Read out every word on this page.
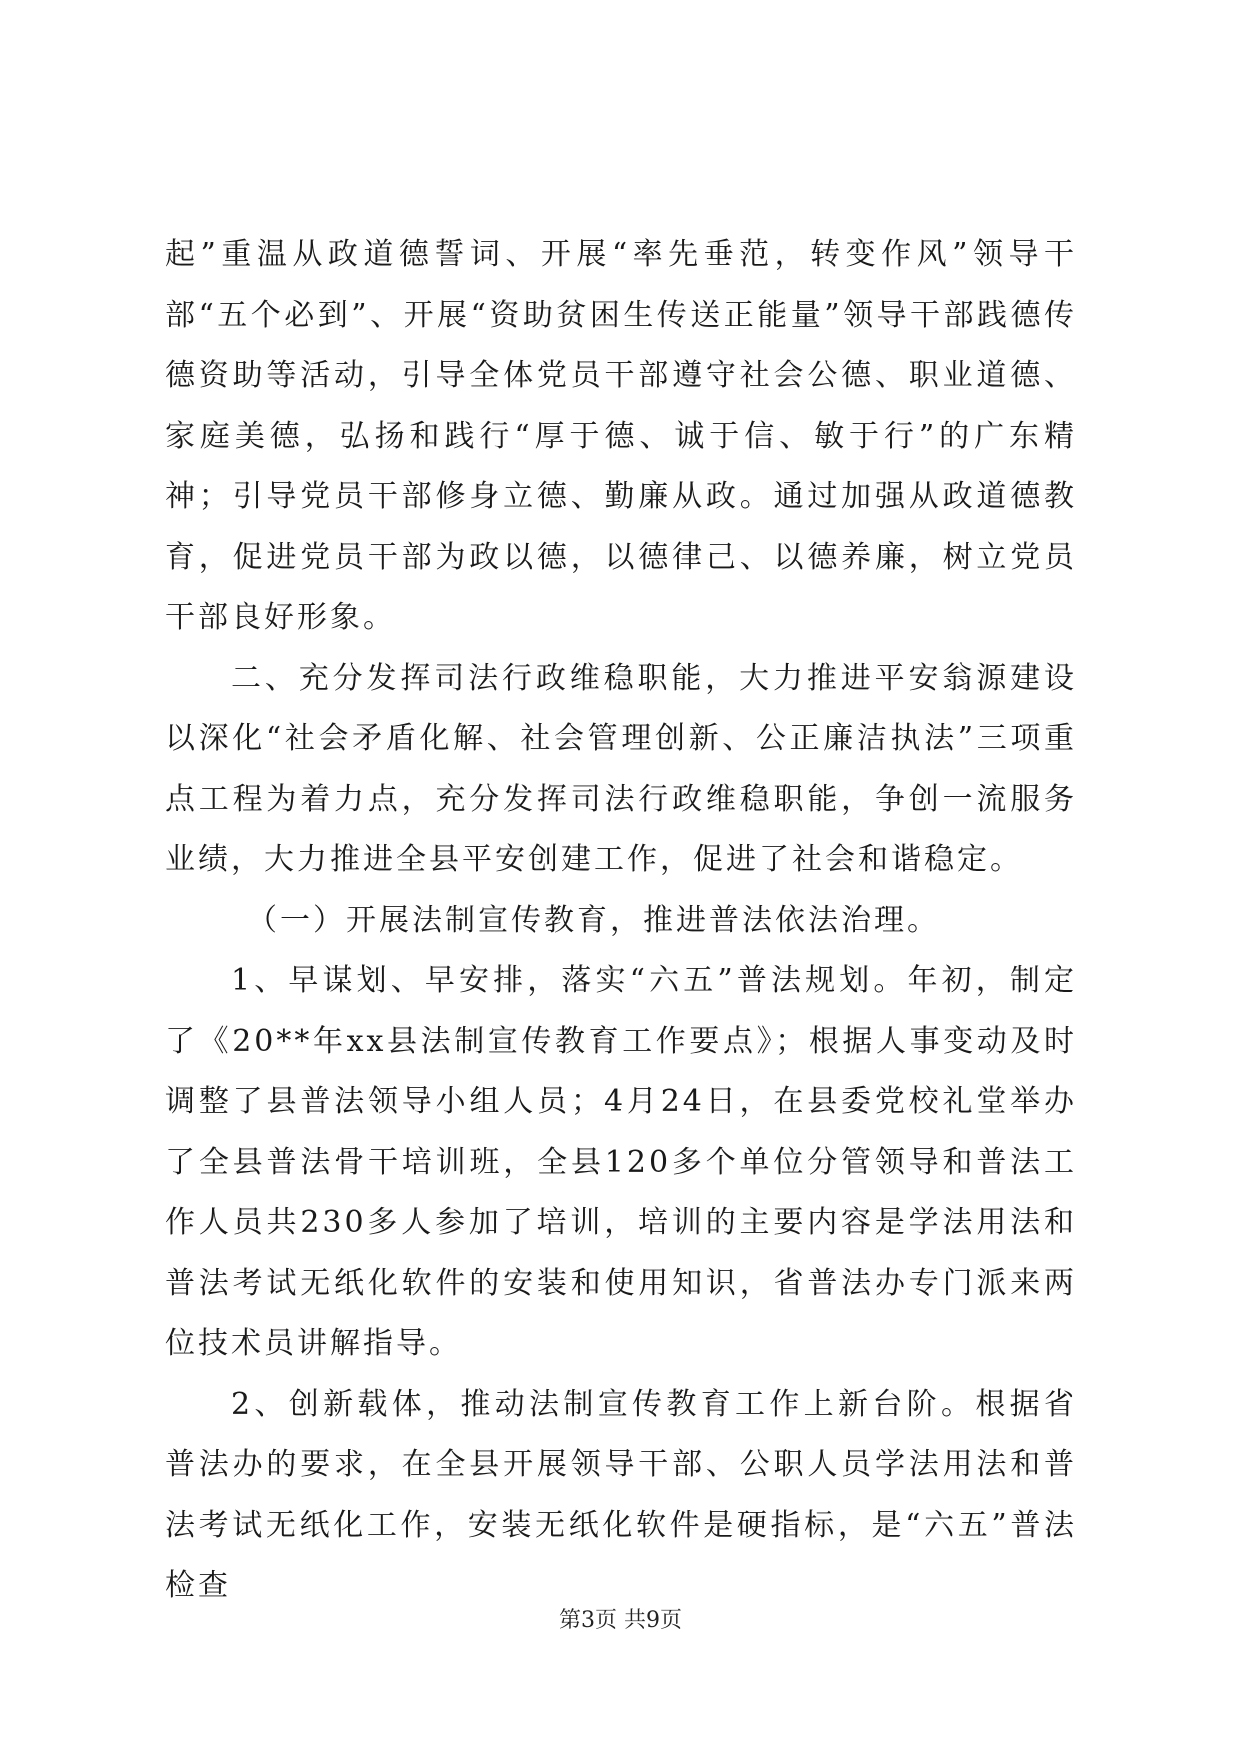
起”重温从政道德誓词、开展“率先垂范，转变作风”领导干部“五个必到”、开展“资助贫困生传送正能量”领导干部践德传德资助等活动，引导全体党员干部遵守社会公德、职业道德、家庭美德，弘扬和践行“厚于德、诚于信、敏于行”的广东精神；引导党员干部修身立德、勤廉从政。通过加强从政道德教育，促进党员干部为政以德，以德律己、以德养廉，树立党员干部良好形象。

二、充分发挥司法行政维稳职能，大力推进平安翁源建设以深化“社会矛盾化解、社会管理创新、公正廉洁执法”三项重点工程为着力点，充分发挥司法行政维稳职能，争创一流服务业绩，大力推进全县平安创建工作，促进了社会和谐稳定。

（一）开展法制宣传教育，推进普法依法治理。

1、早谋划、早安排，落实“六五”普法规划。年初，制定了《20**年xx县法制宣传教育工作要点》；根据人事变动及时调整了县普法领导小组人员；4月24日，在县委党校礼堂举办了全县普法骨干培训班，全县120多个单位分管领导和普法工作人员共230多人参加了培训，培训的主要内容是学法用法和普法考试无纸化软件的安装和使用知识，省普法办专门派来两位技术员讲解指导。

2、创新载体，推动法制宣传教育工作上新台阶。根据省普法办的要求，在全县开展领导干部、公职人员学法用法和普法考试无纸化工作，安装无纸化软件是硬指标，是“六五”普法检查

第3页 共9页
